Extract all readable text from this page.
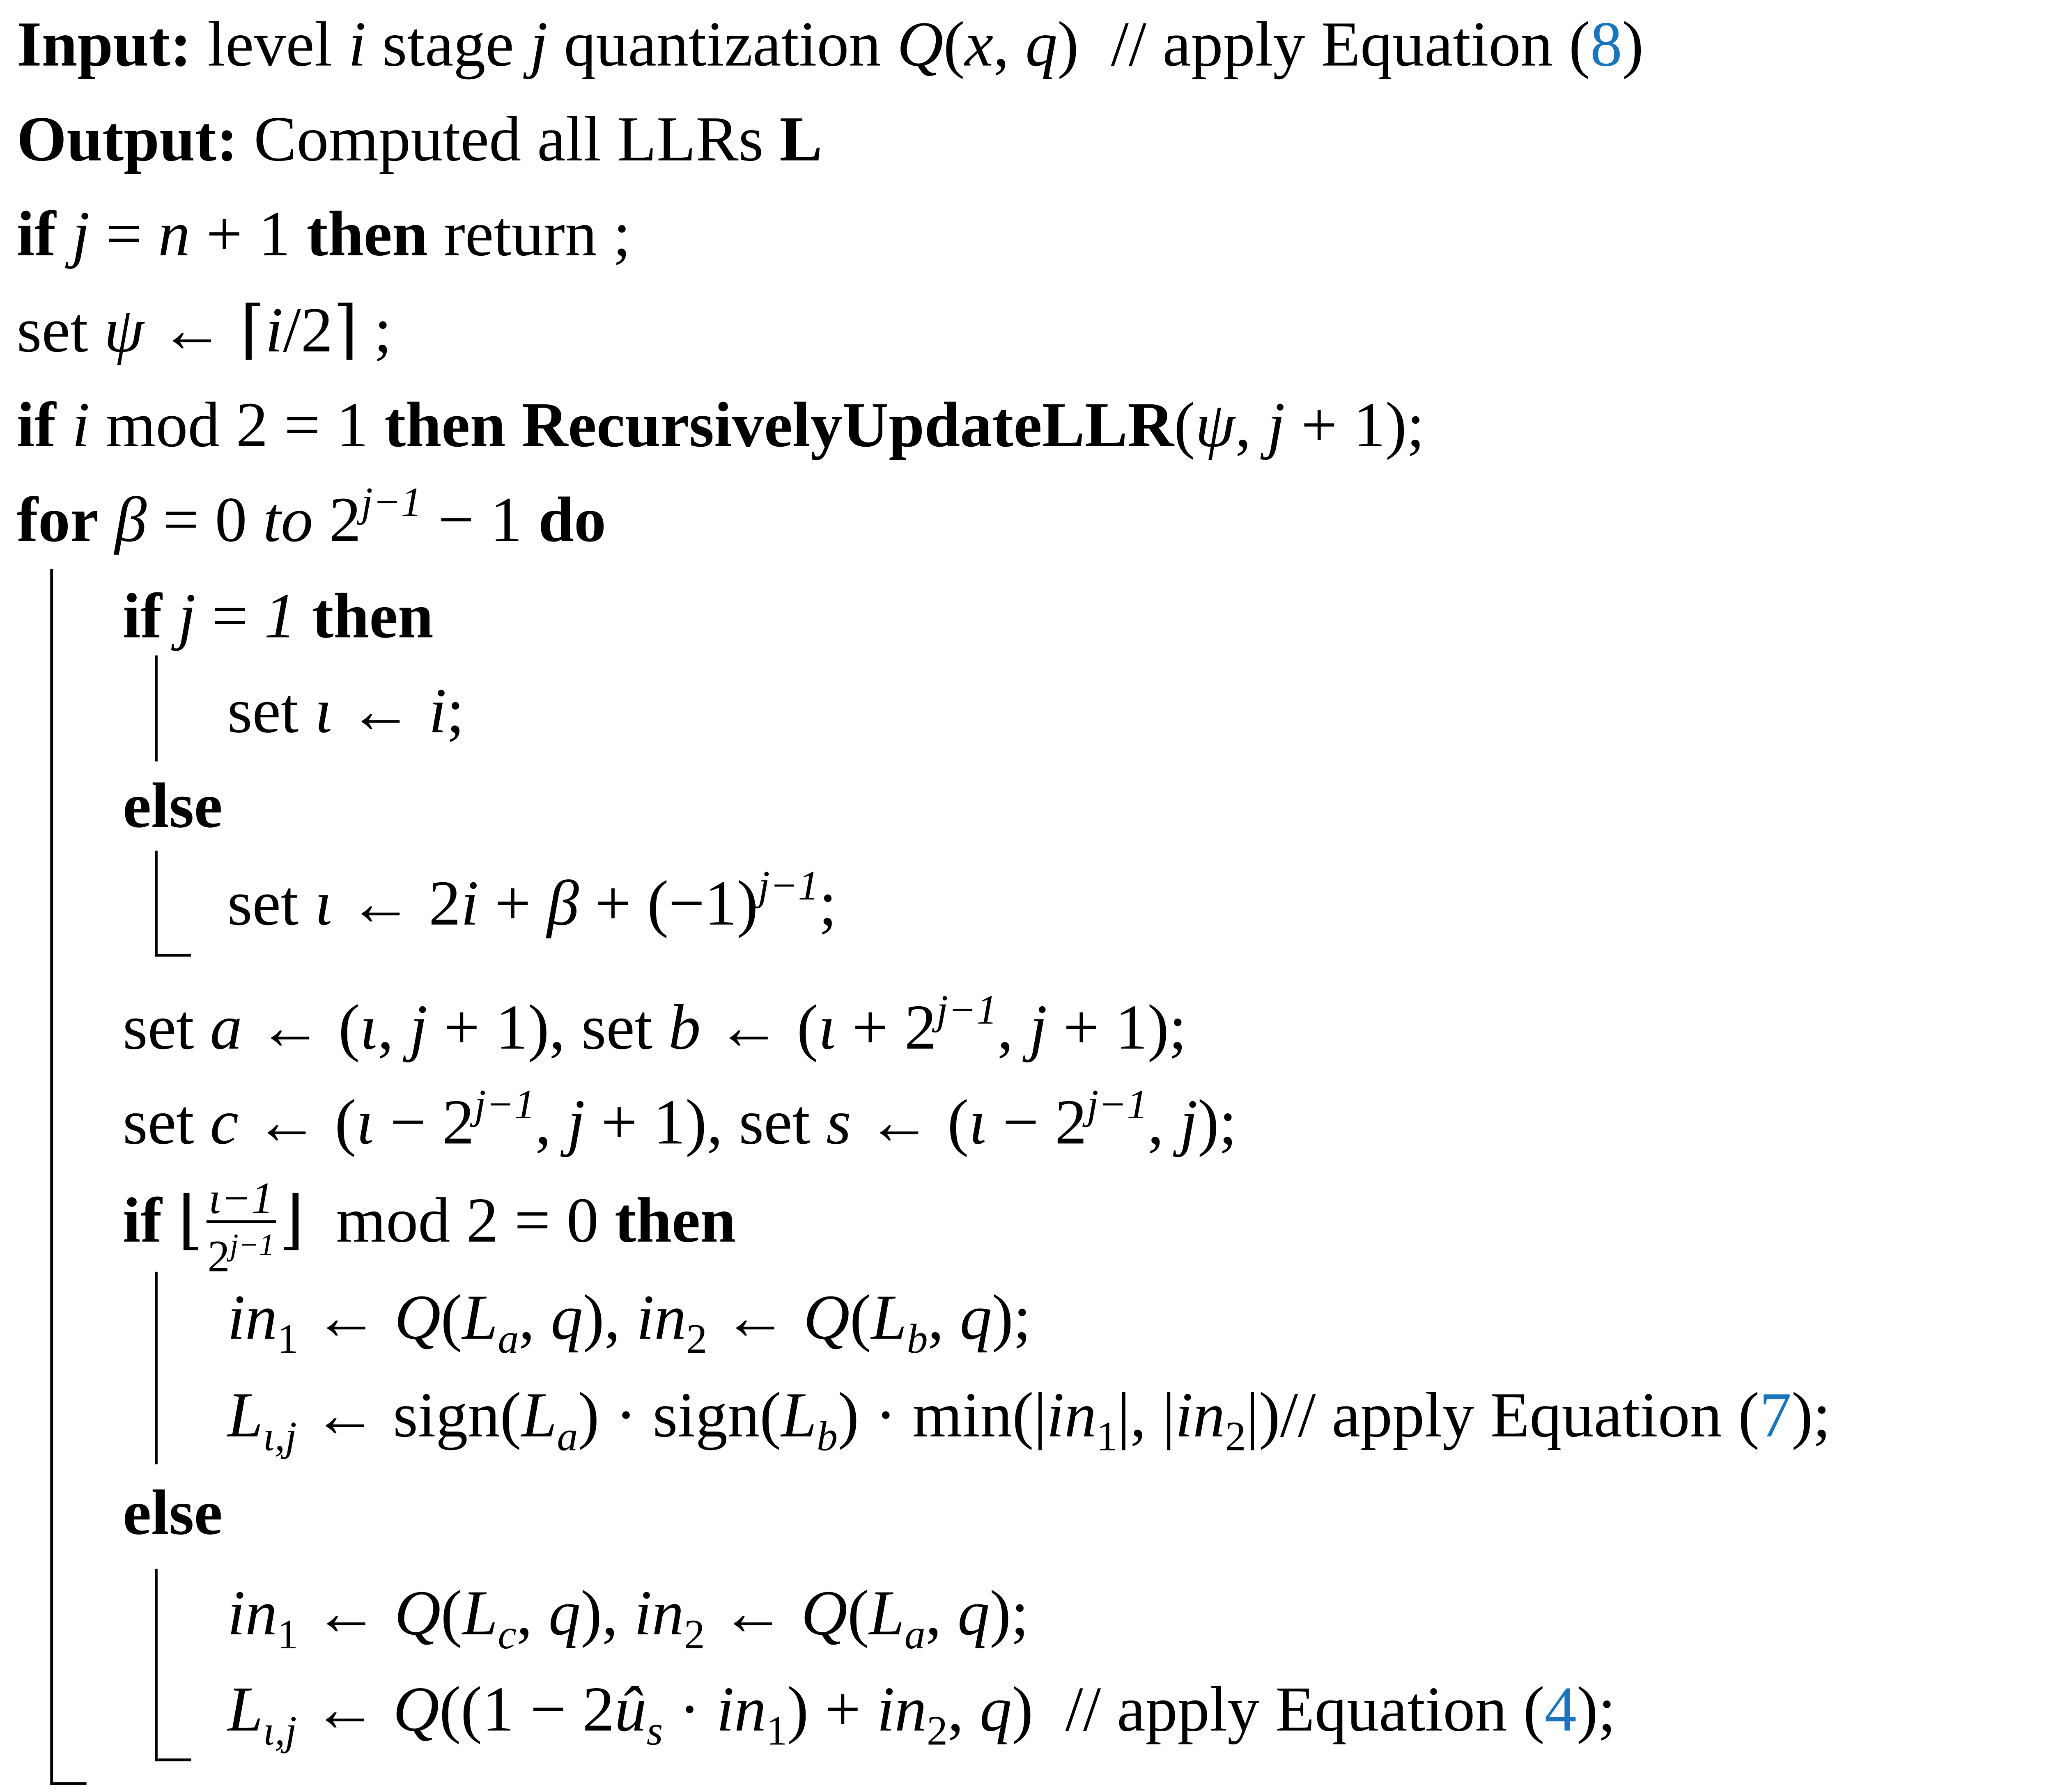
Input: level i stage j quantization Q(x, q)  // apply Equation (8)
Output: Computed all LLRs L
if j = n + 1 then return ;
set ψ ← ⌈i/2⌉ ;
if i mod 2 = 1 then RecursivelyUpdateLLR(ψ, j + 1);
for β = 0 to $2^{j-1} - 1$ do
if j = 1 then
set ι ← i;
else
set ι ← $2i + \beta + (-1)^{j-1}$;
set a ← (ι, j + 1), set b ← ($\iota + 2^{j-1}$, j + 1);
set c ← ($\iota - 2^{j-1}$, j + 1), set s ← ($\iota - 2^{j-1}$, j);
if ⌊ $\frac{\iota-1}{2^{j-1}}$ ⌋  mod 2 = 0 then
$in_1$ ← $Q(L_a$, q), $in_2$ ← $Q(L_b$, q);
$L_{\iota,j}$ ← $sign(L_a)$ · $sign(L_b) \cdot \min(|in_1|$, $|in_2|)//$ apply Equation (7);
else
$in_1$ ← $Q(L_c$, q), $in_2$ ← $Q(L_a$, q);
$L_{\iota,j}$ ← $Q((1 - 2û_s \cdot in_1) + in_2$, q)  // apply Equation (4);
